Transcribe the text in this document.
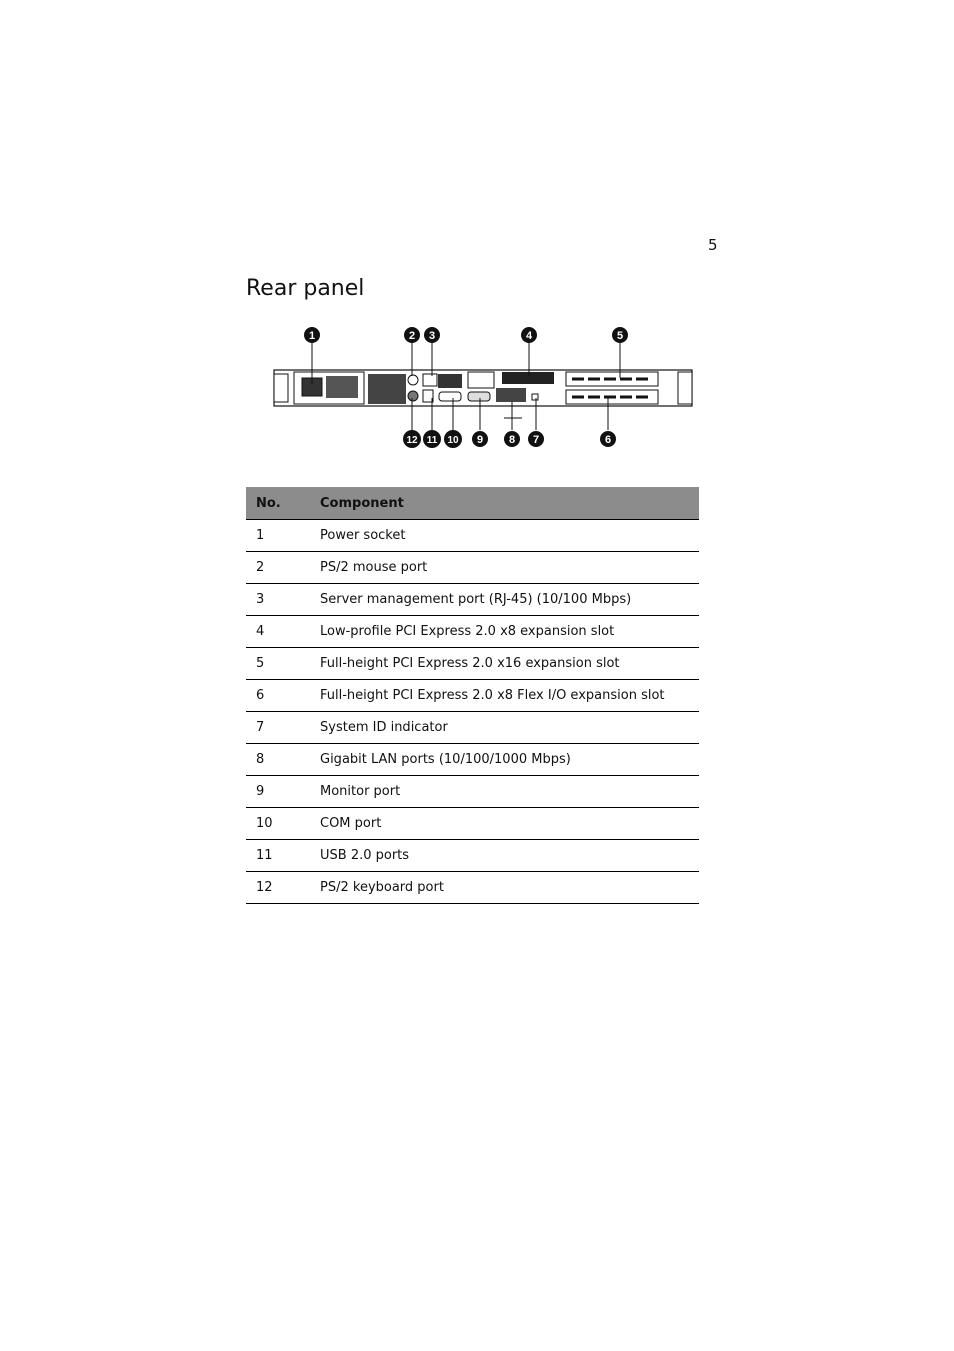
5
Rear panel
1	2 3	4	5
12 11 10 9 8 7	6
No.	Component
1	Power socket
2	PS/2 mouse port
3	Server management port (RJ-45) (10/100 Mbps)
4	Low-profile PCI Express 2.0 x8 expansion slot
5	Full-height PCI Express 2.0 x16 expansion slot
6	Full-height PCI Express 2.0 x8 Flex I/O expansion slot
7	System ID indicator
8	Gigabit LAN ports (10/100/1000 Mbps)
9	Monitor port
10	COM port
11	USB 2.0 ports
12	PS/2 keyboard port
